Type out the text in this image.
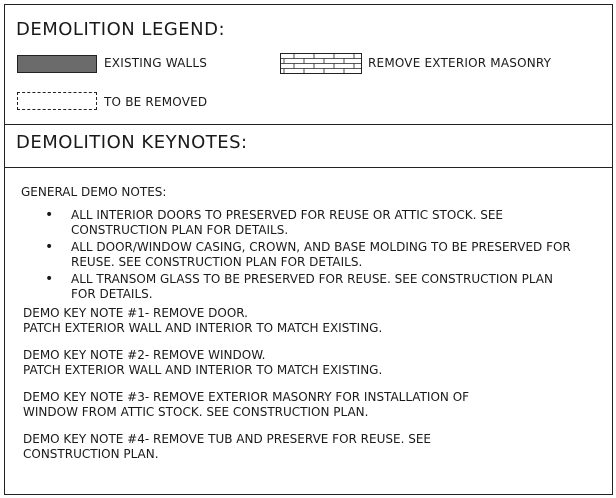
DEMOLITION LEGEND:
EXISTING WALLS	REMOVE EXTERIOR MASONRY
TO BE REMOVED
DEMOLITION KEYNOTES:

GENERAL DEMO NOTES:

• ALL INTERIOR DOORS TO PRESERVED FOR REUSE OR ATTIC STOCK. SEE CONSTRUCTION PLAN FOR DETAILS.
• ALL DOOR/WINDOW CASING, CROWN, AND BASE MOLDING TO BE PRESERVED FOR REUSE. SEE CONSTRUCTION PLAN FOR DETAILS.
• ALL TRANSOM GLASS TO BE PRESERVED FOR REUSE. SEE CONSTRUCTION PLAN FOR DETAILS.

DEMO KEY NOTE #1- REMOVE DOOR.

PATCH EXTERIOR WALL AND INTERIOR TO MATCH EXISTING.

DEMO KEY NOTE #2- REMOVE WINDOW.

PATCH EXTERIOR WALL AND INTERIOR TO MATCH EXISTING.

DEMO KEY NOTE #3- REMOVE EXTERIOR MASONRY FOR INSTALLATION OF

WINDOW FROM ATTIC STOCK. SEE CONSTRUCTION PLAN.

DEMO KEY NOTE #4- REMOVE TUB AND PRESERVE FOR REUSE. SEE

CONSTRUCTION PLAN.
